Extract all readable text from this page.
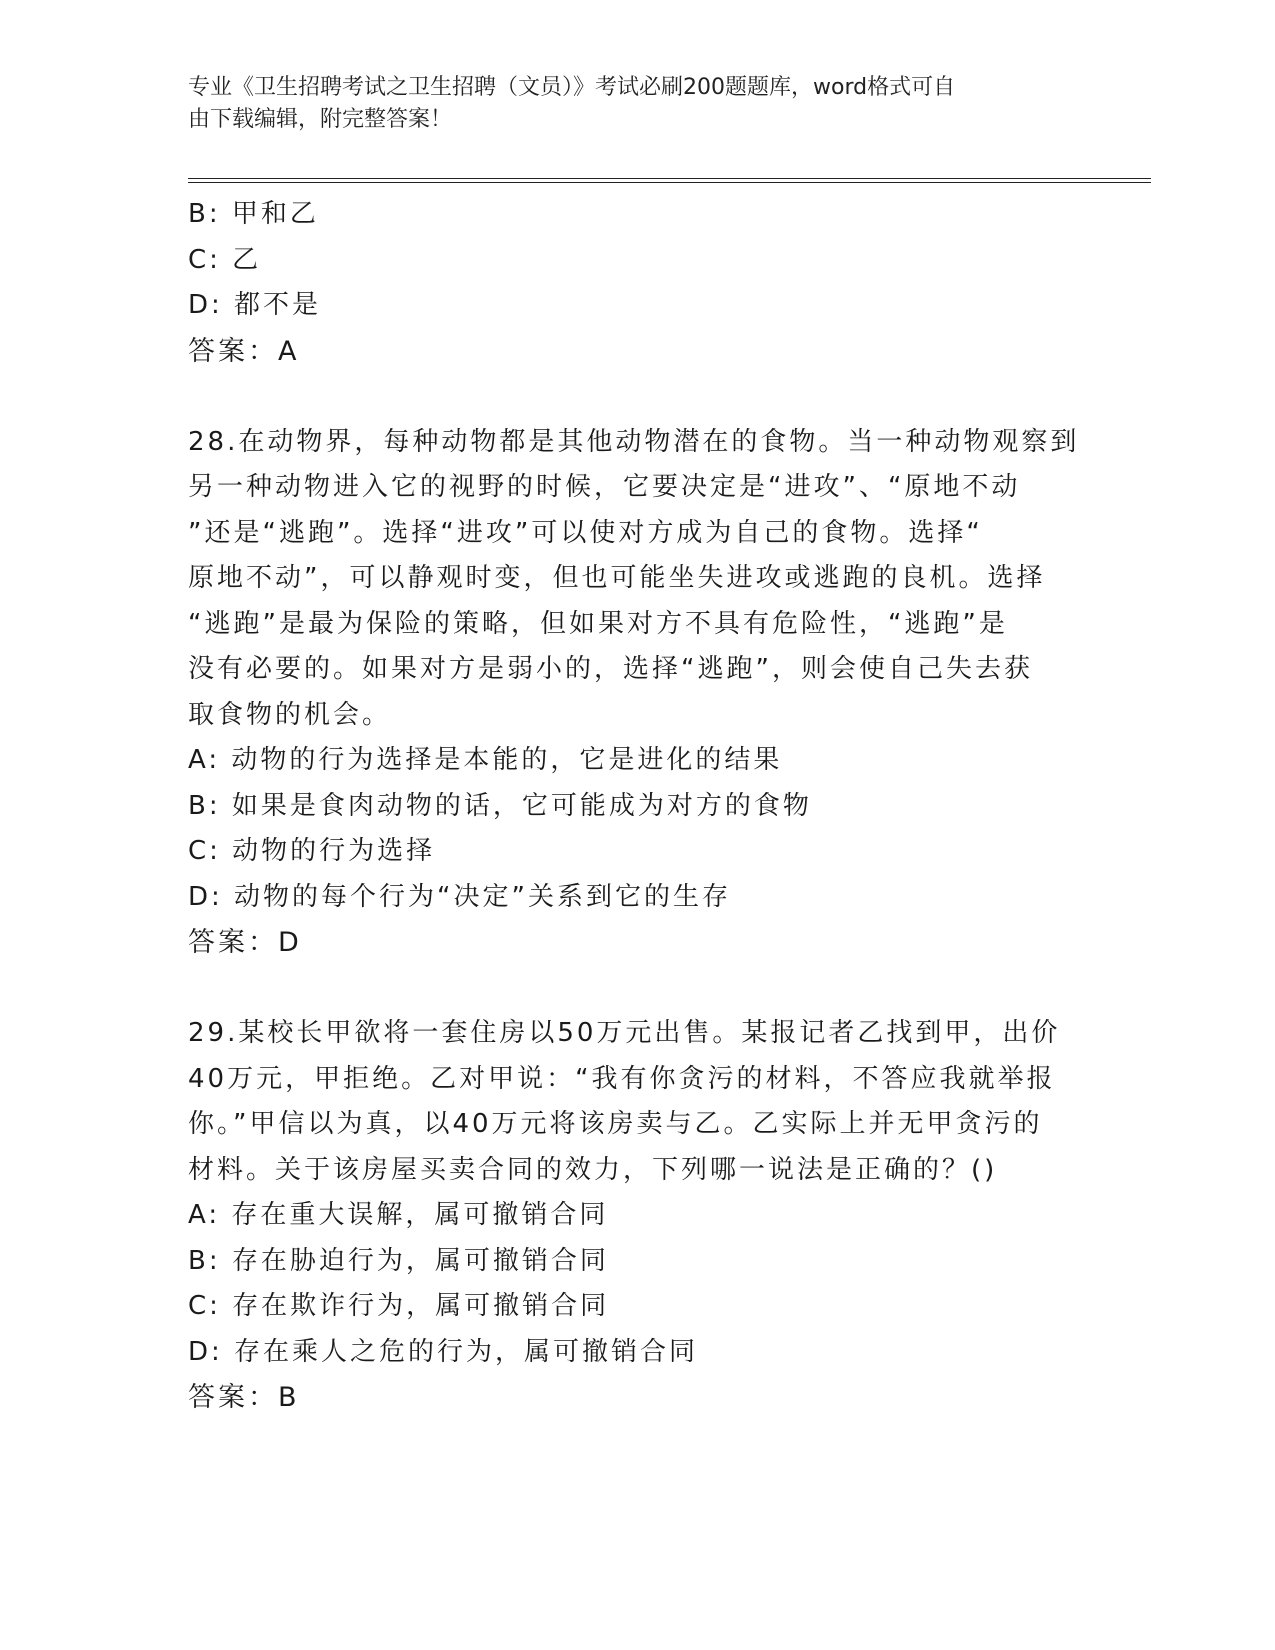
专业《卫生招聘考试之卫生招聘（文员）》考试必刷200题题库，word格式可自
由下载编辑，附完整答案！
B: 甲和乙
C: 乙
D: 都不是
答案：A
28.在动物界，每种动物都是其他动物潜在的食物。当一种动物观察到
另一种动物进入它的视野的时候，它要决定是“进攻”、“原地不动
”还是“逃跑”。选择“进攻”可以使对方成为自己的食物。选择“
原地不动”，可以静观时变，但也可能坐失进攻或逃跑的良机。选择
“逃跑”是最为保险的策略，但如果对方不具有危险性，“逃跑”是
没有必要的。如果对方是弱小的，选择“逃跑”，则会使自己失去获
取食物的机会。
A: 动物的行为选择是本能的，它是进化的结果
B: 如果是食肉动物的话，它可能成为对方的食物
C: 动物的行为选择
D: 动物的每个行为“决定”关系到它的生存
答案：D
29.某校长甲欲将一套住房以50万元出售。某报记者乙找到甲，出价
40万元，甲拒绝。乙对甲说：“我有你贪污的材料，不答应我就举报
你。”甲信以为真，以40万元将该房卖与乙。乙实际上并无甲贪污的
材料。关于该房屋买卖合同的效力，下列哪一说法是正确的？()
A: 存在重大误解，属可撤销合同
B: 存在胁迫行为，属可撤销合同
C: 存在欺诈行为，属可撤销合同
D: 存在乘人之危的行为，属可撤销合同
答案：B
